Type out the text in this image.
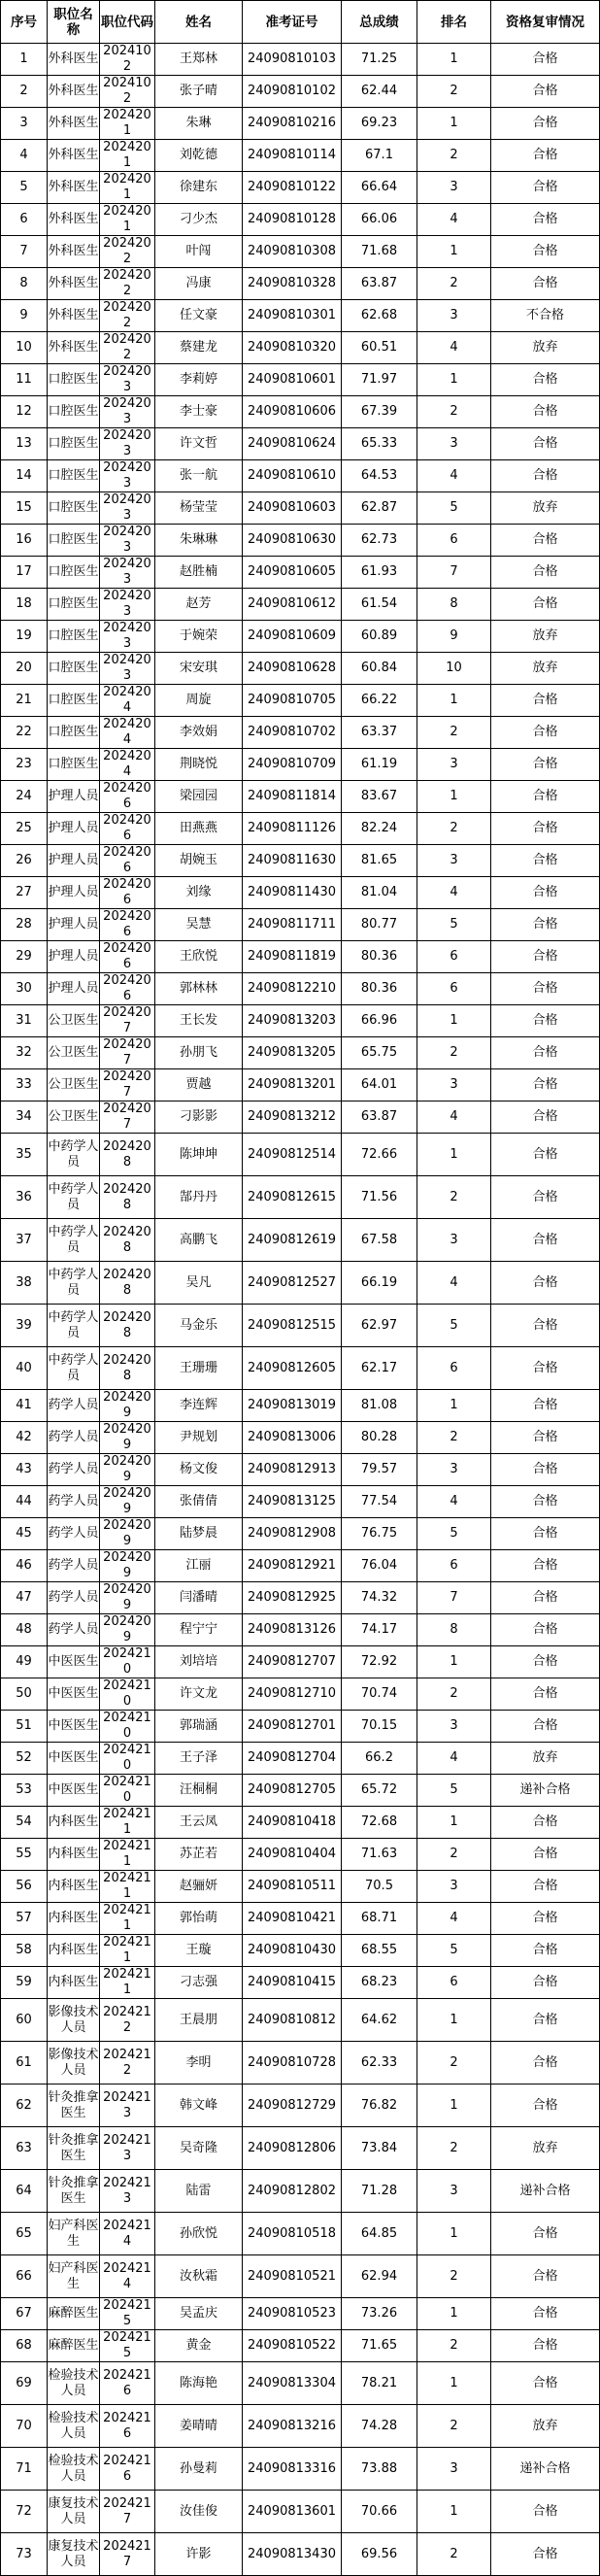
序号	职位名称	职位代码	姓名	准考证号	总成绩	排名	资格复审情况
1	外科医生	2024102	王郑林	24090810103	71.25	1	合格
2	外科医生	2024102	张子晴	24090810102	62.44	2	合格
3	外科医生	2024201	朱琳	24090810216	69.23	1	合格
4	外科医生	2024201	刘乾德	24090810114	67.1	2	合格
5	外科医生	2024201	徐建东	24090810122	66.64	3	合格
6	外科医生	2024201	刁少杰	24090810128	66.06	4	合格
7	外科医生	2024202	叶闯	24090810308	71.68	1	合格
8	外科医生	2024202	冯康	24090810328	63.87	2	合格
9	外科医生	2024202	任文豪	24090810301	62.68	3	不合格
10	外科医生	2024202	蔡建龙	24090810320	60.51	4	放弃
11	口腔医生	2024203	李莉婷	24090810601	71.97	1	合格
12	口腔医生	2024203	李士豪	24090810606	67.39	2	合格
13	口腔医生	2024203	许文哲	24090810624	65.33	3	合格
14	口腔医生	2024203	张一航	24090810610	64.53	4	合格
15	口腔医生	2024203	杨莹莹	24090810603	62.87	5	放弃
16	口腔医生	2024203	朱琳琳	24090810630	62.73	6	合格
17	口腔医生	2024203	赵胜楠	24090810605	61.93	7	合格
18	口腔医生	2024203	赵芳	24090810612	61.54	8	合格
19	口腔医生	2024203	于婉荣	24090810609	60.89	9	放弃
20	口腔医生	2024203	宋安琪	24090810628	60.84	10	放弃
21	口腔医生	2024204	周旋	24090810705	66.22	1	合格
22	口腔医生	2024204	李效娟	24090810702	63.37	2	合格
23	口腔医生	2024204	荆晓悦	24090810709	61.19	3	合格
24	护理人员	2024206	梁园园	24090811814	83.67	1	合格
25	护理人员	2024206	田燕燕	24090811126	82.24	2	合格
26	护理人员	2024206	胡婉玉	24090811630	81.65	3	合格
27	护理人员	2024206	刘缘	24090811430	81.04	4	合格
28	护理人员	2024206	吴慧	24090811711	80.77	5	合格
29	护理人员	2024206	王欣悦	24090811819	80.36	6	合格
30	护理人员	2024206	郭林林	24090812210	80.36	6	合格
31	公卫医生	2024207	王长发	24090813203	66.96	1	合格
32	公卫医生	2024207	孙朋飞	24090813205	65.75	2	合格
33	公卫医生	2024207	贾越	24090813201	64.01	3	合格
34	公卫医生	2024207	刁影影	24090813212	63.87	4	合格
35	中药学人员	2024208	陈坤坤	24090812514	72.66	1	合格
36	中药学人员	2024208	郜丹丹	24090812615	71.56	2	合格
37	中药学人员	2024208	高鹏飞	24090812619	67.58	3	合格
38	中药学人员	2024208	吴凡	24090812527	66.19	4	合格
39	中药学人员	2024208	马金乐	24090812515	62.97	5	合格
40	中药学人员	2024208	王珊珊	24090812605	62.17	6	合格
41	药学人员	2024209	李连辉	24090813019	81.08	1	合格
42	药学人员	2024209	尹规划	24090813006	80.28	2	合格
43	药学人员	2024209	杨文俊	24090812913	79.57	3	合格
44	药学人员	2024209	张倩倩	24090813125	77.54	4	合格
45	药学人员	2024209	陆梦晨	24090812908	76.75	5	合格
46	药学人员	2024209	江丽	24090812921	76.04	6	合格
47	药学人员	2024209	闫潘晴	24090812925	74.32	7	合格
48	药学人员	2024209	程宁宁	24090813126	74.17	8	合格
49	中医医生	2024210	刘培培	24090812707	72.92	1	合格
50	中医医生	2024210	许文龙	24090812710	70.74	2	合格
51	中医医生	2024210	郭瑞涵	24090812701	70.15	3	合格
52	中医医生	2024210	王子泽	24090812704	66.2	4	放弃
53	中医医生	2024210	汪桐桐	24090812705	65.72	5	递补合格
54	内科医生	2024211	王云凤	24090810418	72.68	1	合格
55	内科医生	2024211	苏芷若	24090810404	71.63	2	合格
56	内科医生	2024211	赵骊妍	24090810511	70.5	3	合格
57	内科医生	2024211	郭怡萌	24090810421	68.71	4	合格
58	内科医生	2024211	王璇	24090810430	68.55	5	合格
59	内科医生	2024211	刁志强	24090810415	68.23	6	合格
60	影像技术人员	2024212	王晨朋	24090810812	64.62	1	合格
61	影像技术人员	2024212	李明	24090810728	62.33	2	合格
62	针灸推拿医生	2024213	韩文峰	24090812729	76.82	1	合格
63	针灸推拿医生	2024213	吴奇隆	24090812806	73.84	2	放弃
64	针灸推拿医生	2024213	陆雷	24090812802	71.28	3	递补合格
65	妇产科医生	2024214	孙欣悦	24090810518	64.85	1	合格
66	妇产科医生	2024214	汝秋霜	24090810521	62.94	2	合格
67	麻醉医生	2024215	吴孟庆	24090810523	73.26	1	合格
68	麻醉医生	2024215	黄金	24090810522	71.65	2	合格
69	检验技术人员	2024216	陈海艳	24090813304	78.21	1	合格
70	检验技术人员	2024216	姜晴晴	24090813216	74.28	2	放弃
71	检验技术人员	2024216	孙曼莉	24090813316	73.88	3	递补合格
72	康复技术人员	2024217	汝佳俊	24090813601	70.66	1	合格
73	康复技术人员	2024217	许影	24090813430	69.56	2	合格
